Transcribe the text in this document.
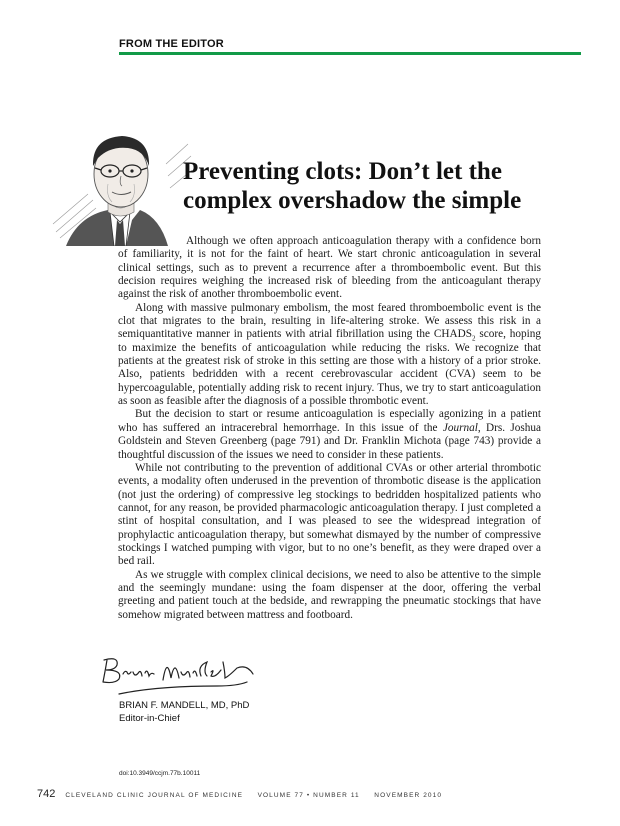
FROM THE EDITOR
Preventing clots: Don’t let the
complex overshadow the simple

Although we often approach anticoagulation therapy with a confidence born of familiarity, it is not for the faint of heart. We start chronic anticoagulation in several clinical settings, such as to prevent a recurrence after a thromboembolic event. But this decision requires weighing the increased risk of bleeding from the anticoagulant therapy against the risk of another thromboembolic event.

Along with massive pulmonary embolism, the most feared thromboembolic event is the clot that migrates to the brain, resulting in life-altering stroke. We assess this risk in a semiquantitative manner in patients with atrial fibrillation using the $CHADS_2$ score, hoping to maximize the benefits of anticoagulation while reducing the risks. We recognize that patients at the greatest risk of stroke in this setting are those with a history of a prior stroke. Also, patients bedridden with a recent cerebrovascular accident (CVA) seem to be hypercoagulable, potentially adding risk to recent injury. Thus, we try to start anticoagulation as soon as feasible after the diagnosis of a possible thrombotic event.

But the decision to start or resume anticoagulation is especially agonizing in a patient who has suffered an intracerebral hemorrhage. In this issue of the Journal, Drs. Joshua Goldstein and Steven Greenberg (page 791) and Dr. Franklin Michota (page 743) provide a thoughtful discussion of the issues we need to consider in these patients.

While not contributing to the prevention of additional CVAs or other arterial thrombotic events, a modality often underused in the prevention of thrombotic disease is the application (not just the ordering) of compressive leg stockings to bedridden hospitalized patients who cannot, for any reason, be provided pharmacologic anticoagulation therapy. I just completed a stint of hospital consultation, and I was pleased to see the widespread integration of prophylactic anticoagulation therapy, but somewhat dismayed by the number of compressive stockings I watched pumping with vigor, but to no one’s benefit, as they were draped over a bed rail.

As we struggle with complex clinical decisions, we need to also be attentive to the simple and the seemingly mundane: using the foam dispenser at the door, offering the verbal greeting and patient touch at the bedside, and rewrapping the pneumatic stockings that have somehow migrated between mattress and footboard.

BRIAN F. MANDELL, MD, PhD
Editor-in-Chief
doi:10.3949/ccjm.77b.10011
742 CLEVELAND CLINIC JOURNAL OF MEDICINE     VOLUME 77 • NUMBER 11     NOVEMBER 2010
